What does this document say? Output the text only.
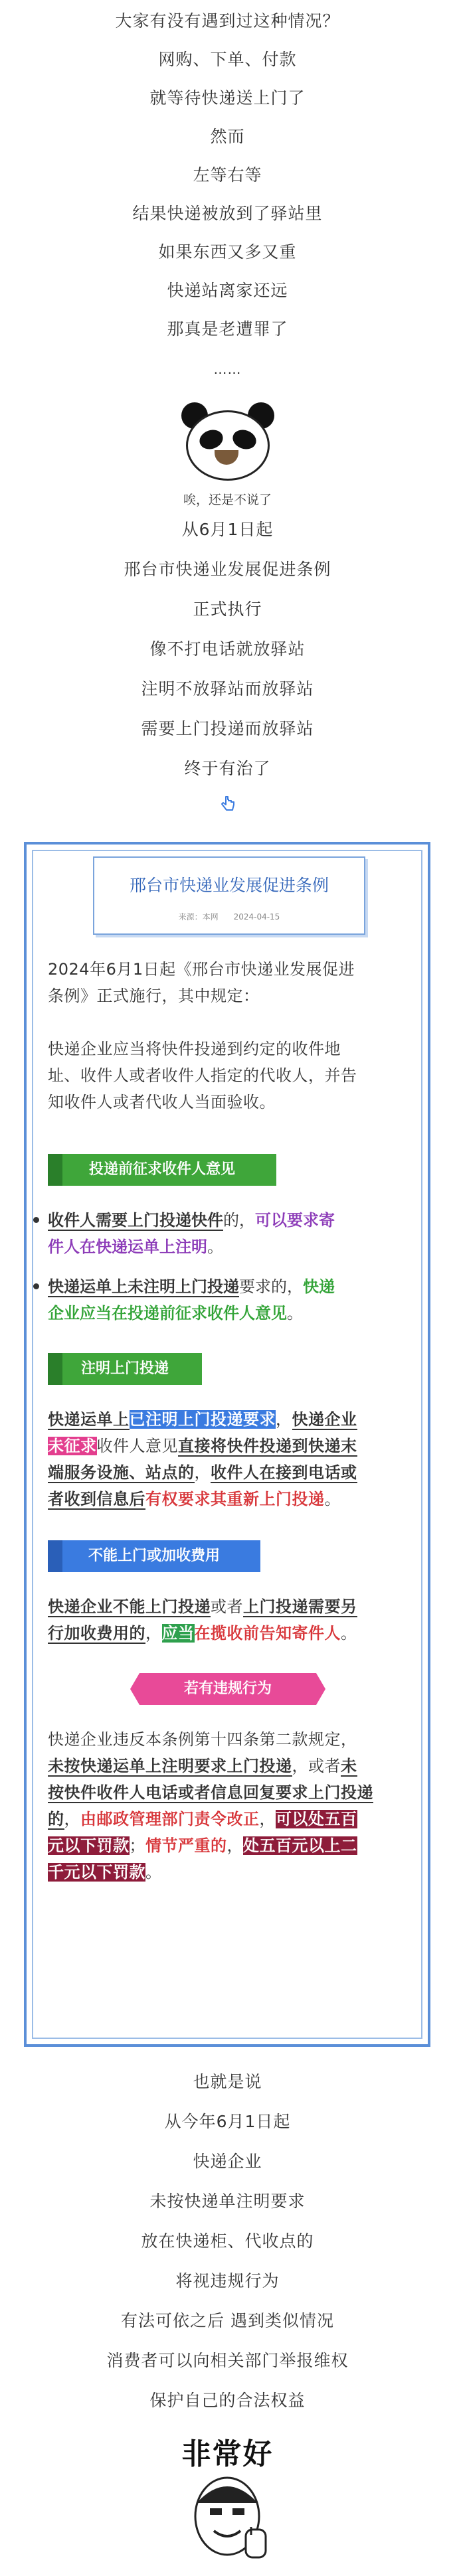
大家有没有遇到过这种情况？
网购、下单、付款
就等待快递送上门了
然而
左等右等
结果快递被放到了驿站里
如果东西又多又重
快递站离家还远
那真是老遭罪了
……
唉，还是不说了
从6月1日起
邢台市快递业发展促进条例
正式执行
像不打电话就放驿站
注明不放驿站而放驿站
需要上门投递而放驿站
终于有治了
邢台市快递业发展促进条例
来源：本网 2024-04-15
2024年6月1日起《邢台市快递业发展促进
条例》正式施行，其中规定：
快递企业应当将快件投递到约定的收件地
址、收件人或者收件人指定的代收人，并告
知收件人或者代收人当面验收。
投递前征求收件人意见
收件人需要上门投递快件的，可以要求寄
件人在快递运单上注明。
快递运单上未注明上门投递要求的，快递
企业应当在投递前征求收件人意见。
注明上门投递
快递运单上已注明上门投递要求，快递企业
未征求收件人意见直接将快件投递到快递末
端服务设施、站点的，收件人在接到电话或
者收到信息后有权要求其重新上门投递。
不能上门或加收费用
快递企业不能上门投递或者上门投递需要另
行加收费用的，应当在揽收前告知寄件人。
若有违规行为
快递企业违反本条例第十四条第二款规定，
未按快递运单上注明要求上门投递，或者未
按快件收件人电话或者信息回复要求上门投递
的，由邮政管理部门责令改正，可以处五百
元以下罚款；情节严重的，处五百元以上二
千元以下罚款。
也就是说
从今年6月1日起
快递企业
未按快递单注明要求
放在快递柜、代收点的
将视违规行为
有法可依之后 遇到类似情况
消费者可以向相关部门举报维权
保护自己的合法权益
非常好
